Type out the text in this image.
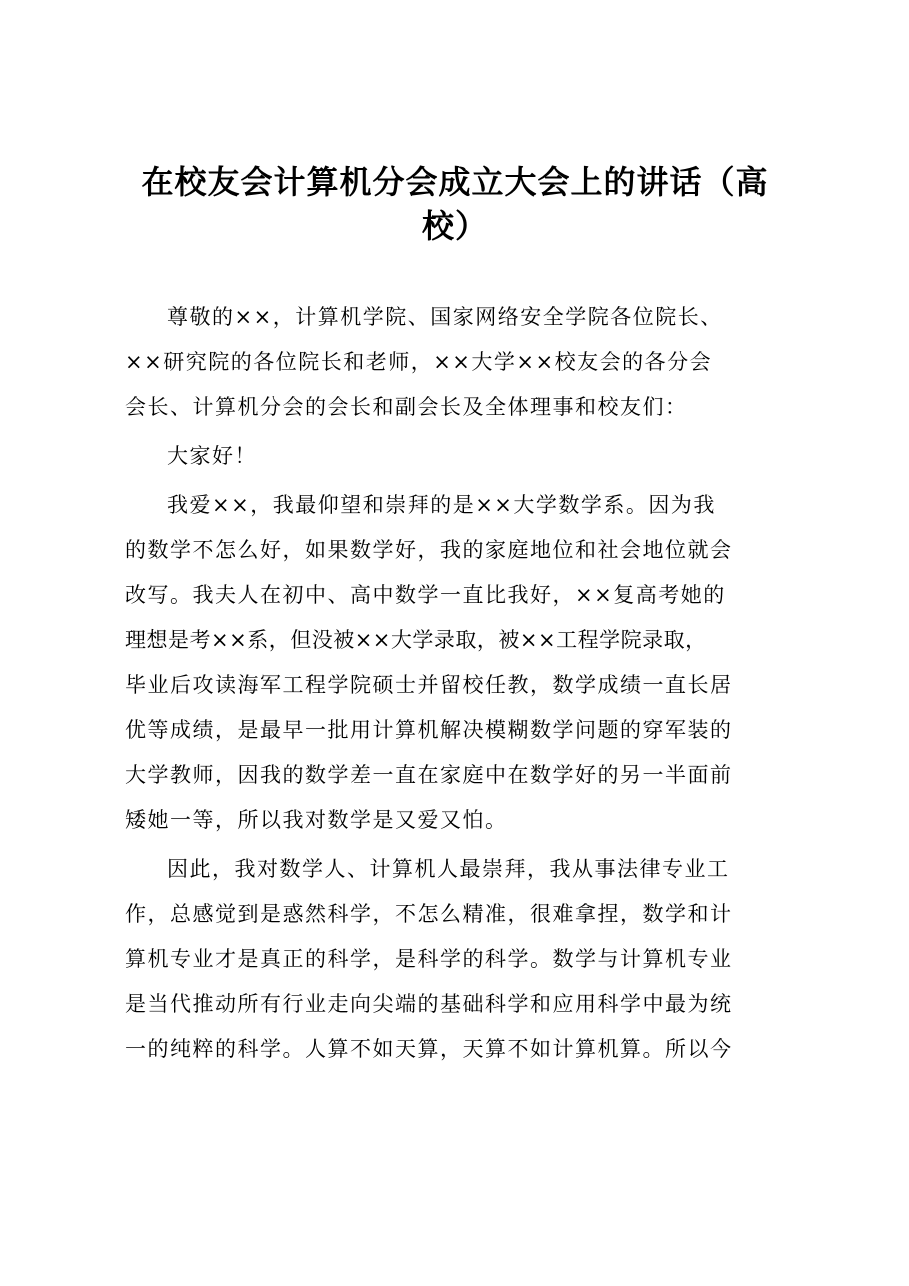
在校友会计算机分会成立大会上的讲话（高
校）

尊敬的××，计算机学院、国家网络安全学院各位院长、
××研究院的各位院长和老师，××大学××校友会的各分会
会长、计算机分会的会长和副会长及全体理事和校友们：

大家好！

我爱××，我最仰望和崇拜的是××大学数学系。因为我
的数学不怎么好，如果数学好，我的家庭地位和社会地位就会
改写。我夫人在初中、高中数学一直比我好，××复高考她的
理想是考××系，但没被××大学录取，被××工程学院录取，
毕业后攻读海军工程学院硕士并留校任教，数学成绩一直长居
优等成绩，是最早一批用计算机解决模糊数学问题的穿军装的
大学教师，因我的数学差一直在家庭中在数学好的另一半面前
矮她一等，所以我对数学是又爱又怕。

因此，我对数学人、计算机人最崇拜，我从事法律专业工
作，总感觉到是惑然科学，不怎么精准，很难拿捏，数学和计
算机专业才是真正的科学，是科学的科学。数学与计算机专业
是当代推动所有行业走向尖端的基础科学和应用科学中最为统
一的纯粹的科学。人算不如天算，天算不如计算机算。所以今
